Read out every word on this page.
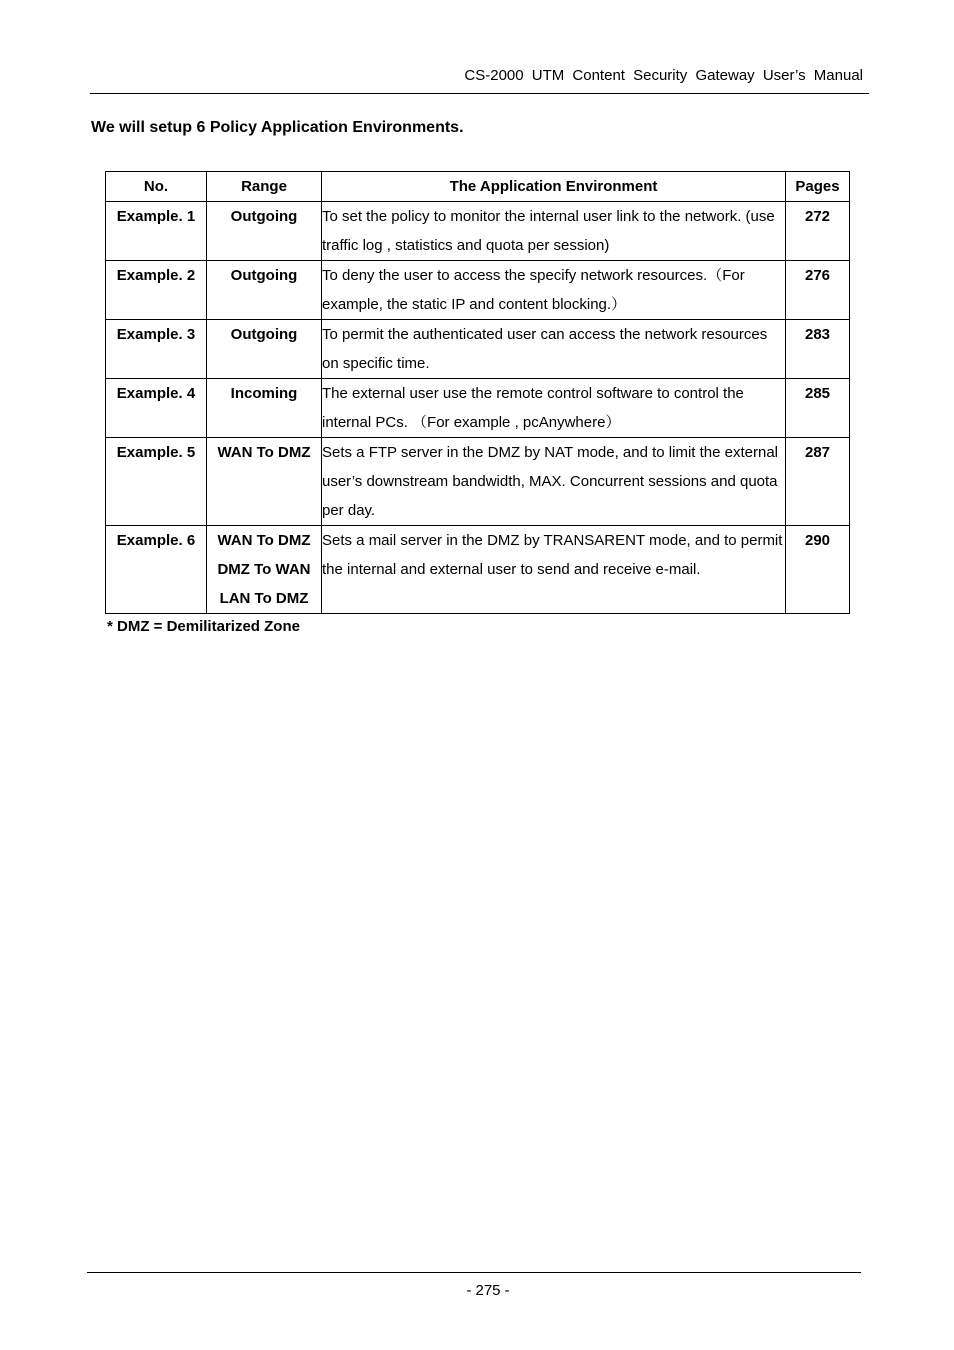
CS-2000 UTM Content Security Gateway User’s Manual
We will setup 6 Policy Application Environments.
No.	Range	The Application Environment	Pages
Example. 1	Outgoing	To set the policy to monitor the internal user link to the network. (use traffic log , statistics and quota per session)	272
Example. 2	Outgoing	To deny the user to access the specify network resources.（For example, the static IP and content blocking.）	276
Example. 3	Outgoing	To permit the authenticated user can access the network resources on specific time.	283
Example. 4	Incoming	The external user use the remote control software to control the internal PCs. （For example , pcAnywhere）	285
Example. 5	WAN To DMZ	Sets a FTP server in the DMZ by NAT mode, and to limit the external user’s downstream bandwidth, MAX. Concurrent sessions and quota per day.	287
Example. 6	WAN To DMZ
DMZ To WAN
LAN To DMZ	Sets a mail server in the DMZ by TRANSARENT mode, and to permit the internal and external user to send and receive e-mail.	290
* DMZ = Demilitarized Zone
- 275 -
